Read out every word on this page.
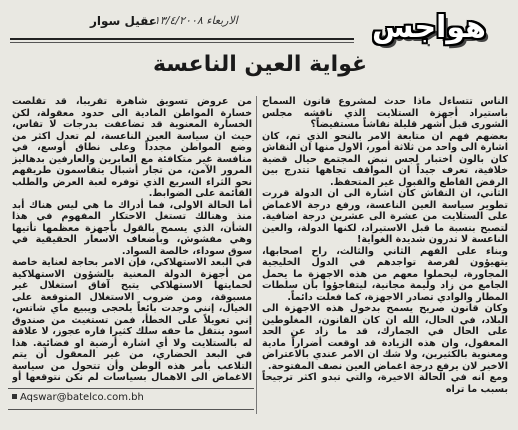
عقيل سوار
الاربعاء ١٣/٤/٢٠٠٨	هواجس
غواية العين الناعسة

الناس تتساءل ماذا حدث لمشروع قانون السماح باستيراد أجهزة الستلايت الذي ناقشه مجلس الشورى قبل أشهر قليلة نقاشاً مستفيضاً؟

بعضهم فهم ان متابعة الامر بالنحو الذي تم، كان اشارة الى واحد من ثلاثة أمور، الاول منها ان النقاش كان بالون اختبار لجس نبض المجتمع حيال قضية خلافية، تعرف جيداً ان المواقف تجاهها تتدرج بين الرفض القاطع والقبول غير المتحفظ.

الثاني، ان النقاش كان اشارة الى ان الدولة قررت تطوير سياسة العين الناعسة، ورفع درجة الاغماض على الستلايت من عشرة الى عشرين درجة اضافية. لتصبح بنسبة ما قبل الاستيراد، لكنها الدولة، والعين الناعسة لا تدرون شديدة الغواية!

وبناء على الفهم الثاني والثالث، راح اصحابها، يتهيؤون لفرصة تواجدهم في الدول الخليجية المجاورة، ليحملوا معهم من هذه الاجهزة ما يحمل الجامع من زاد وليمة مجانية، ليتفاجؤوا بأن سلطات المطار والوادي تصادر الاجهزة، كما فعلت دائماً.

وكان قانون صريح يسمح بدخول هذه الاجهزة الى البلاد، في الحال، الله ان كان القانون، المغلوطين على الحال في الجمارك، قد ما زاد عن الحد المعقول، وان هذه الزيادة قد اوقعت أضراراً مادية ومعنوية بالكثيرين، ولا شك ان الامر عندي بالاعتراض الاخير لان يرفع درجة اغماض العين نصف المفتوحة.

ومع انه في الحالة الاخيرة، والتي تبدو اكثر ترجيحاً بسبب ما تراه

من عروض تسويق شاهرة تقريباً، قد تقلصت خسارة المواطن المادية الى حدود معقولة، لكن الخسارة المعنوية قد تضاعفت بدرجات لا تقاس، حيث ان سياسة العين الناعسة، لم تعدل اكثر من وضع المواطن مجدداً وعلى نطاق أوسع، في منافسة غير متكافئة مع العابرين والعارفين بدهاليز المرور الآمن، من تجار أشبال يتقاسمون طريقهم نحو الثراء السريع الذي توفره لعبة العرض والطلب القائمة على الضوابط.

أما الحالة الاولى، فما أدراك ما هي ليس هناك أبد منذ وهنالك تستغل الاحتكار المفهوم في هذا الشأن، الذي يسمح بالقول بأجهزة معظمها تأتيها وهي مفشوش، وبأضعاف الاسعار الحقيقية في سوق سوداء، خالصة السواد.

في البعد الاستهلاكي، فإن الامر بحاجة لعناية خاصة من أجهزة الدولة المعنية بالشؤون الاستهلاكية لحمايتها الاستهلاكي يتيح آفاق استغلال غير مسبوقة، ومن ضروب الاستغلال المتوقعة على الخيال، إنني وجدت بائعاً يلحجى ويبيع ماي شاتس، إني تعويلاً على الخطأ، فمن تستغيث من صندوق اسود ينتقل ما حقه سلك كثيرا فاره عجوز، لا علاقة له بالستلايت ولا أي اشارة أرضية او فضائية. هذا في البعد الحضاري، من غير المعقول أن يتم التلاعب بأمر هذه الوطن وأن تتحول من سياسة الاغماض الى الاهمال بسياسات لم نكن نتوقعها أو

Aqswar@batelco.com.bh
